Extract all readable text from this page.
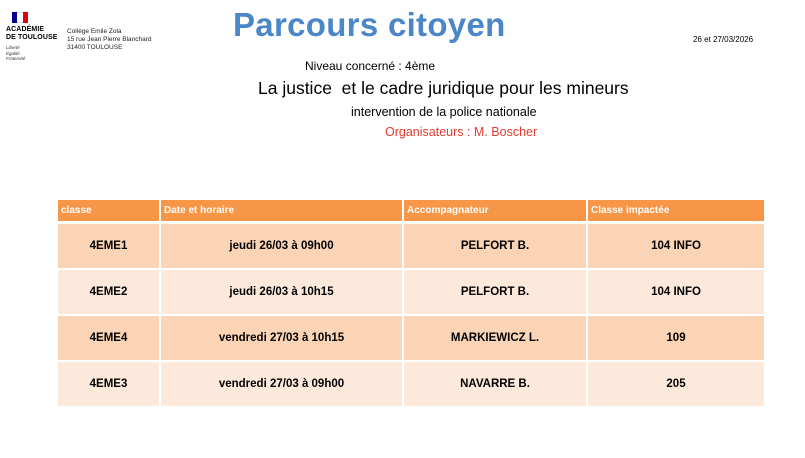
ACADÉMIE
DE TOULOUSE
Liberté
Égalité
Fraternité
Collège Emile Zola
15 rue Jean Pierre Blanchard
31400 TOULOUSE
Parcours citoyen	26 et 27/03/2026
Niveau concerné : 4ème
La justice  et le cadre juridique pour les mineurs
intervention de la police nationale
Organisateurs : M. Boscher
classe	Date et horaire	Accompagnateur	Classe impactée
4EME1	jeudi 26/03 à 09h00	PELFORT B.	104 INFO
4EME2	jeudi 26/03 à 10h15	PELFORT B.	104 INFO
4EME4	vendredi 27/03 à 10h15	MARKIEWICZ L.	109
4EME3	vendredi 27/03 à 09h00	NAVARRE B.	205
